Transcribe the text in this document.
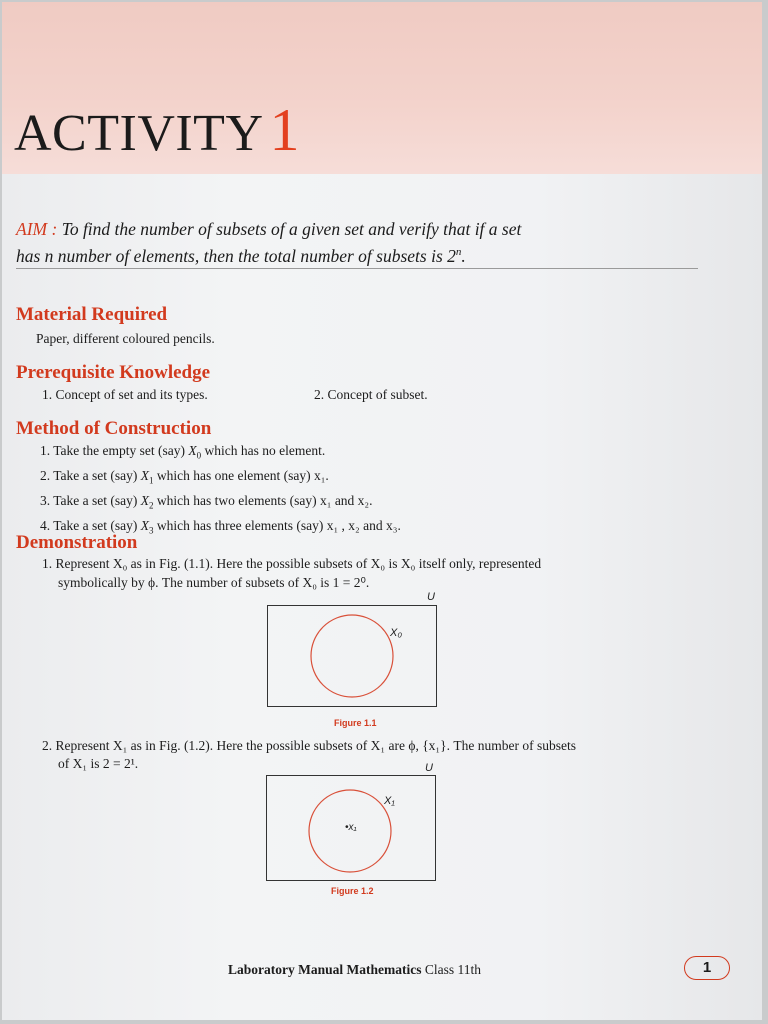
ACTIVITY 1

AIM : To find the number of subsets of a given set and verify that if a set
has n number of elements, then the total number of subsets is 2$^n$.

Material Required

Paper, different coloured pencils.

Prerequisite Knowledge

1. Concept of set and its types.	2. Concept of subset.

Method of Construction
1. Take the empty set (say) $X_0$ which has no element.
2. Take a set (say) $X_1$ which has one element (say) x₁.
3. Take a set (say) $X_2$ which has two elements (say) x₁ and x₂.
4. Take a set (say) $X_3$ which has three elements (say) x₁ , x₂ and x₃.
Demonstration

1. Represent X₀ as in Fig. (1.1). Here the possible subsets of X₀ is X₀ itself only, represented

symbolically by ϕ. The number of subsets of X₀ is 1 = 2⁰.

U
X₀
Figure 1.1

2. Represent X₁ as in Fig. (1.2). Here the possible subsets of X₁ are ϕ, {x₁}. The number of subsets

of X₁ is 2 = 2¹.	U
X₁
•x₁
Figure 1.2

Laboratory Manual Mathematics Class 11th	1
